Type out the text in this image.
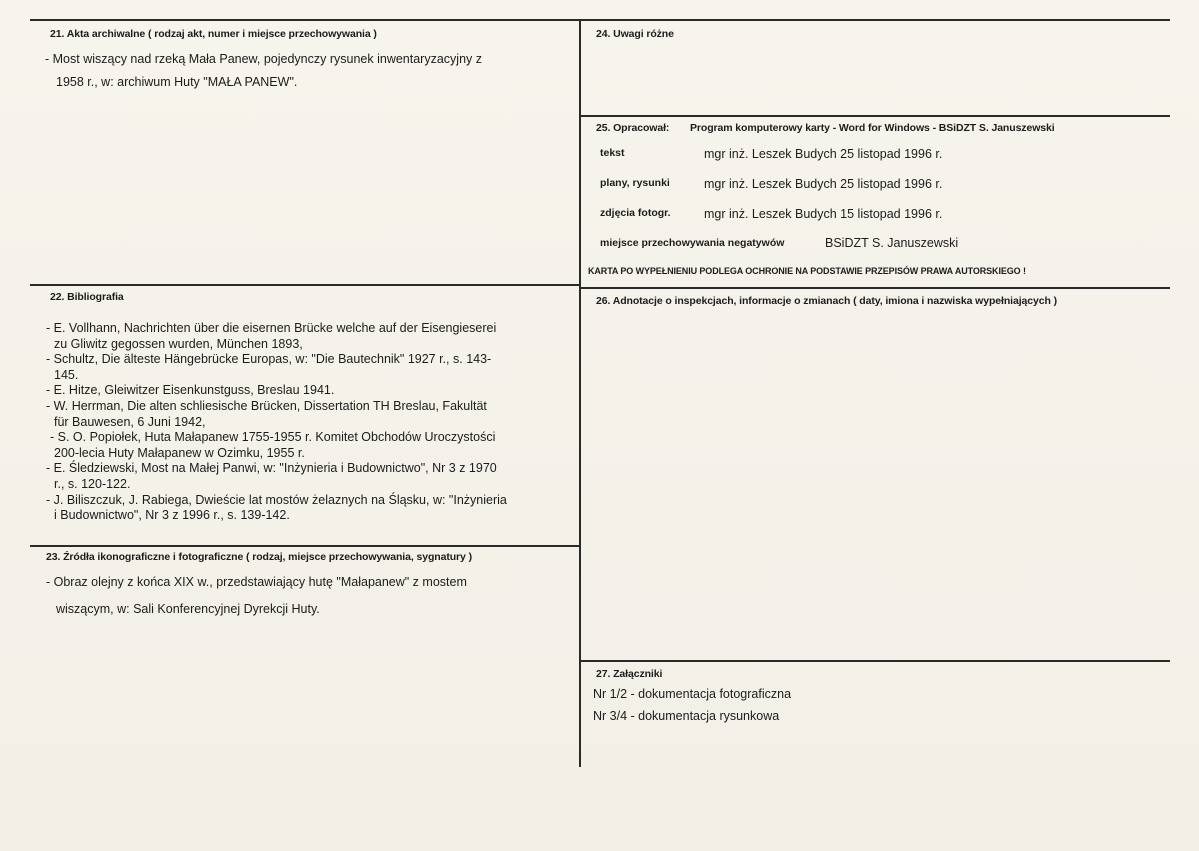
21. Akta archiwalne ( rodzaj akt, numer i miejsce przechowywania )
- Most wiszący nad rzeką Mała Panew, pojedynczy rysunek inwentaryzacyjny z
1958 r., w: archiwum Huty "MAŁA PANEW".
24. Uwagi różne
25. Opracował: Program komputerowy karty - Word for Windows - BSiDZT S. Januszewski
tekst	mgr inż. Leszek Budych 25 listopad 1996 r.
plany, rysunki	mgr inż. Leszek Budych 25 listopad 1996 r.
zdjęcia fotogr.	mgr inż. Leszek Budych 15 listopad 1996 r.
miejsce przechowywania negatywów	BSiDZT S. Januszewski
KARTA PO WYPEŁNIENIU PODLEGA OCHRONIE NA PODSTAWIE PRZEPISÓW PRAWA AUTORSKIEGO !
22. Bibliografia
- E. Vollhann, Nachrichten über die eisernen Brücke welche auf der Eisengieserei
zu Gliwitz gegossen wurden, München 1893,
- Schultz, Die älteste Hängebrücke Europas, w: "Die Bautechnik" 1927 r., s. 143-
145.
- E. Hitze, Gleiwitzer Eisenkunstguss, Breslau 1941.
- W. Herrman, Die alten schliesische Brücken, Dissertation TH Breslau, Fakultät
für Bauwesen, 6 Juni 1942,
- S. O. Popiołek, Huta Małapanew 1755-1955 r. Komitet Obchodów Uroczystości
200-lecia Huty Małapanew w Ozimku, 1955 r.
- E. Śledziewski, Most na Małej Panwi, w: "Inżynieria i Budownictwo", Nr 3 z 1970
r., s. 120-122.
- J. Biliszczuk, J. Rabiega, Dwieście lat mostów żelaznych na Śląsku, w: "Inżynieria
i Budownictwo", Nr 3 z 1996 r., s. 139-142.
26. Adnotacje o inspekcjach, informacje o zmianach ( daty, imiona i nazwiska wypełniających )
23. Źródła ikonograficzne i fotograficzne ( rodzaj, miejsce przechowywania, sygnatury )
- Obraz olejny z końca XIX w., przedstawiający hutę "Małapanew" z mostem
wiszącym, w: Sali Konferencyjnej Dyrekcji Huty.
27. Załączniki
Nr 1/2 - dokumentacja fotograficzna
Nr 3/4 - dokumentacja rysunkowa
